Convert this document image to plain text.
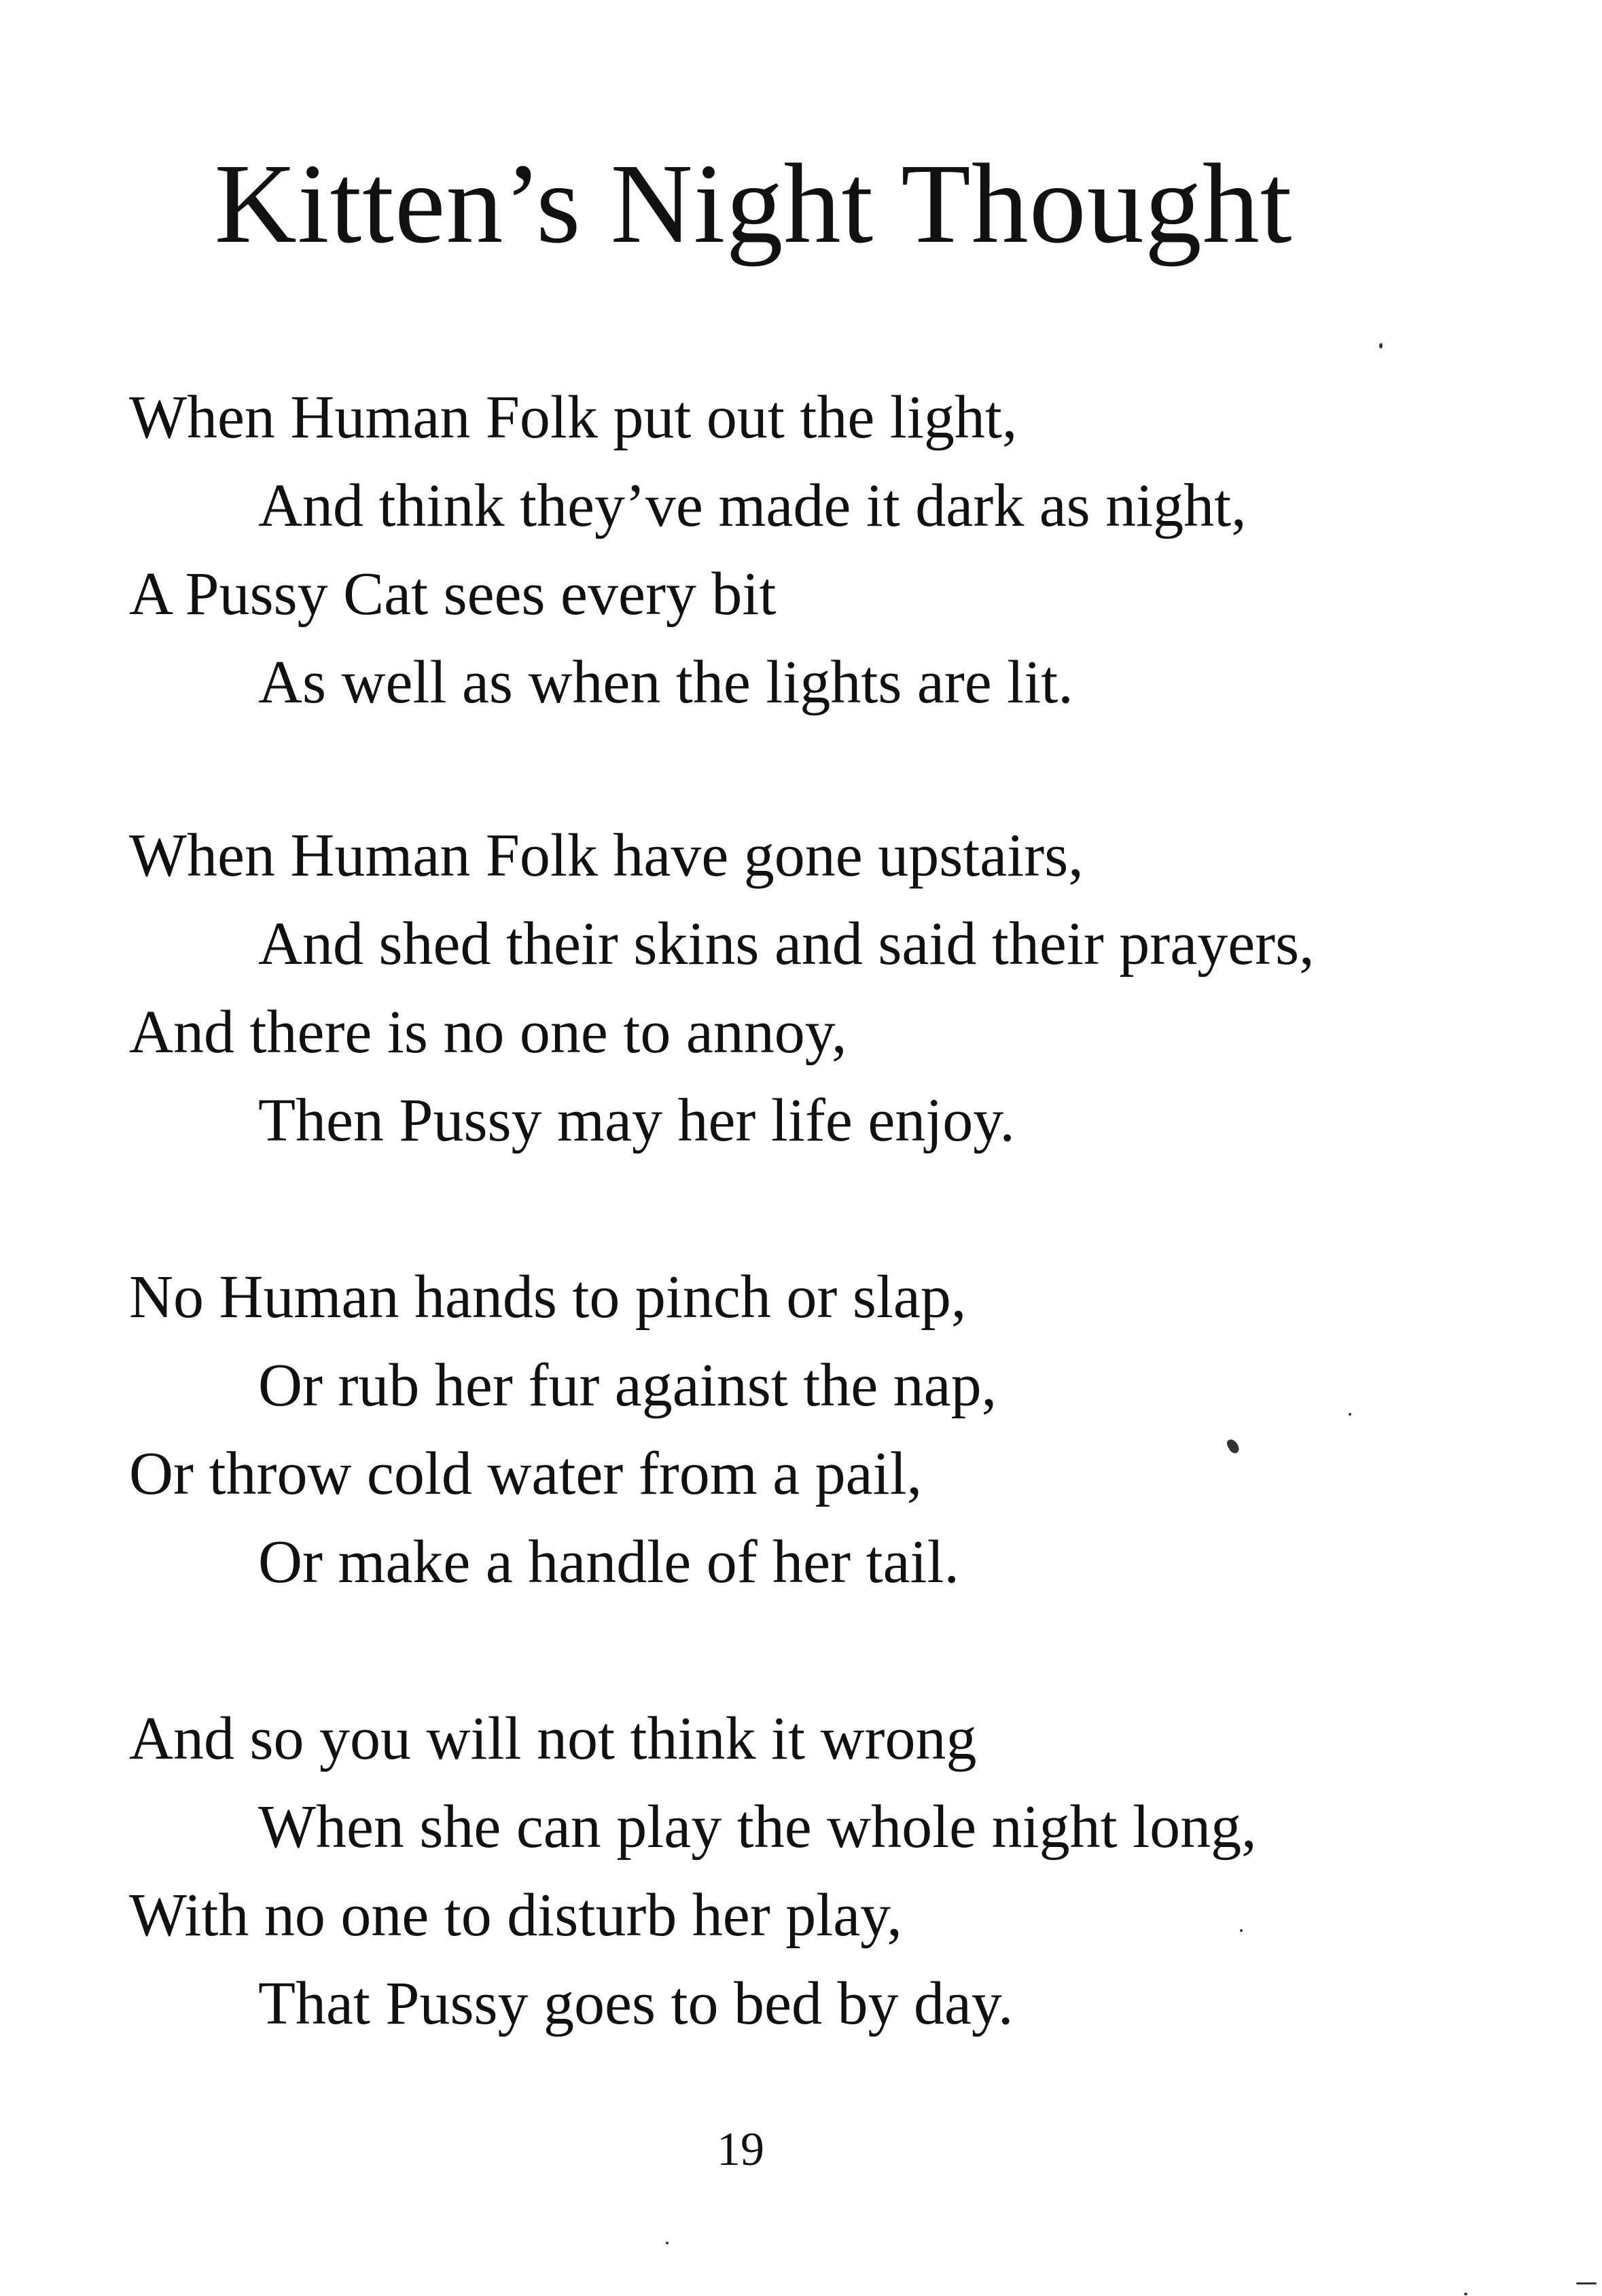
Kitten’s Night Thought

When Human Folk put out the light,

And think they’ve made it dark as night,

A Pussy Cat sees every bit

As well as when the lights are lit.

When Human Folk have gone upstairs,

And shed their skins and said their prayers,

And there is no one to annoy,

Then Pussy may her life enjoy.

No Human hands to pinch or slap,

Or rub her fur against the nap,

Or throw cold water from a pail,

Or make a handle of her tail.

And so you will not think it wrong

When she can play the whole night long,

With no one to disturb her play,

That Pussy goes to bed by day.

19
